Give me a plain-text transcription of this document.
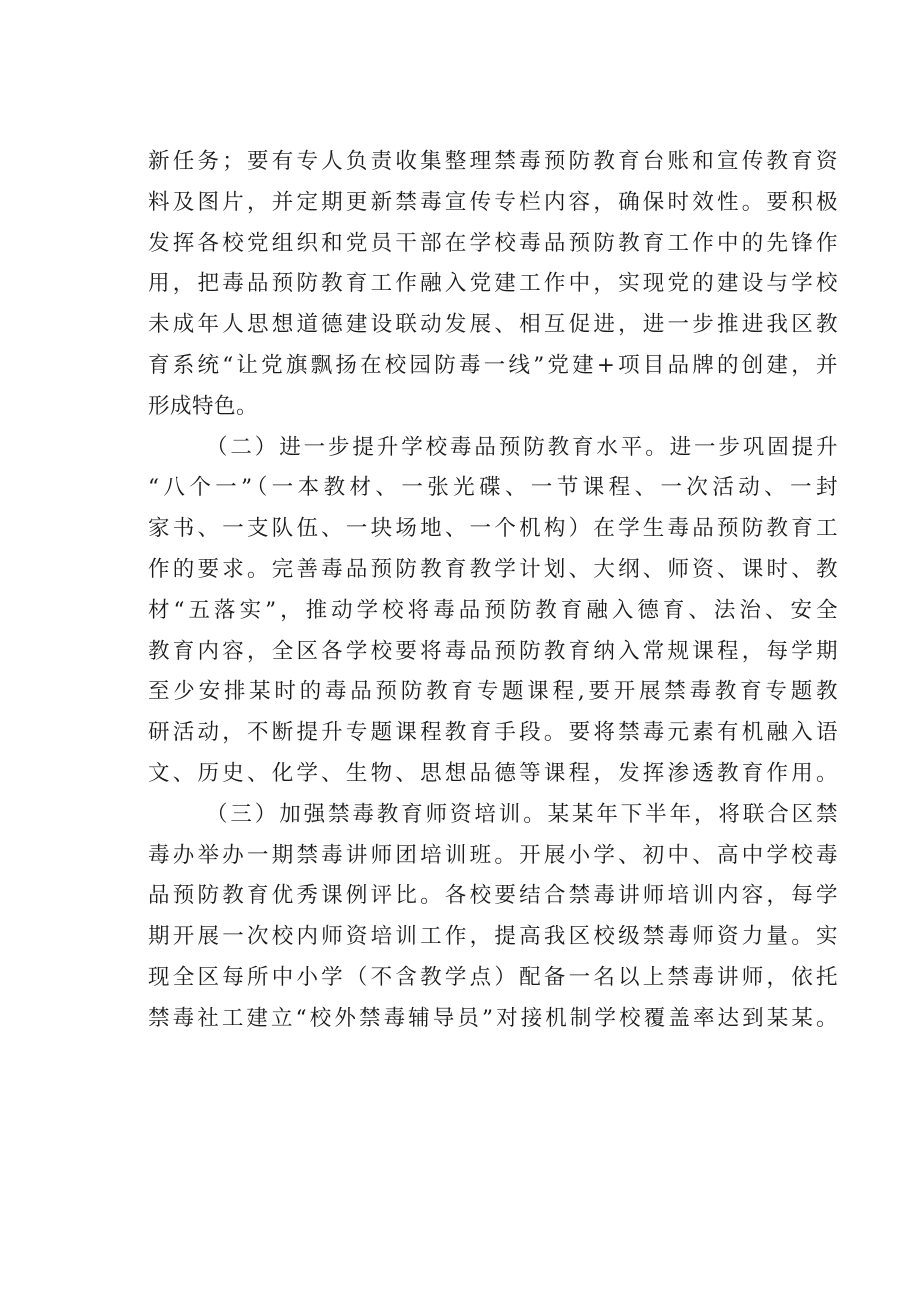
新任务；要有专人负责收集整理禁毒预防教育台账和宣传教育资
料及图片，并定期更新禁毒宣传专栏内容，确保时效性。要积极
发挥各校党组织和党员干部在学校毒品预防教育工作中的先锋作
用，把毒品预防教育工作融入党建工作中，实现党的建设与学校
未成年人思想道德建设联动发展、相互促进，进一步推进我区教
育系统“让党旗飘扬在校园防毒一线”党建+项目品牌的创建，并
形成特色。
（二）进一步提升学校毒品预防教育水平。进一步巩固提升
“八个一”（一本教材、一张光碟、一节课程、一次活动、一封
家书、一支队伍、一块场地、一个机构）在学生毒品预防教育工
作的要求。完善毒品预防教育教学计划、大纲、师资、课时、教
材“五落实”，推动学校将毒品预防教育融入德育、法治、安全
教育内容，全区各学校要将毒品预防教育纳入常规课程，每学期
至少安排某时的毒品预防教育专题课程,要开展禁毒教育专题教
研活动，不断提升专题课程教育手段。要将禁毒元素有机融入语
文、历史、化学、生物、思想品德等课程，发挥渗透教育作用。
（三）加强禁毒教育师资培训。某某年下半年，将联合区禁
毒办举办一期禁毒讲师团培训班。开展小学、初中、高中学校毒
品预防教育优秀课例评比。各校要结合禁毒讲师培训内容，每学
期开展一次校内师资培训工作，提高我区校级禁毒师资力量。实
现全区每所中小学（不含教学点）配备一名以上禁毒讲师，依托
禁毒社工建立“校外禁毒辅导员”对接机制学校覆盖率达到某某。
